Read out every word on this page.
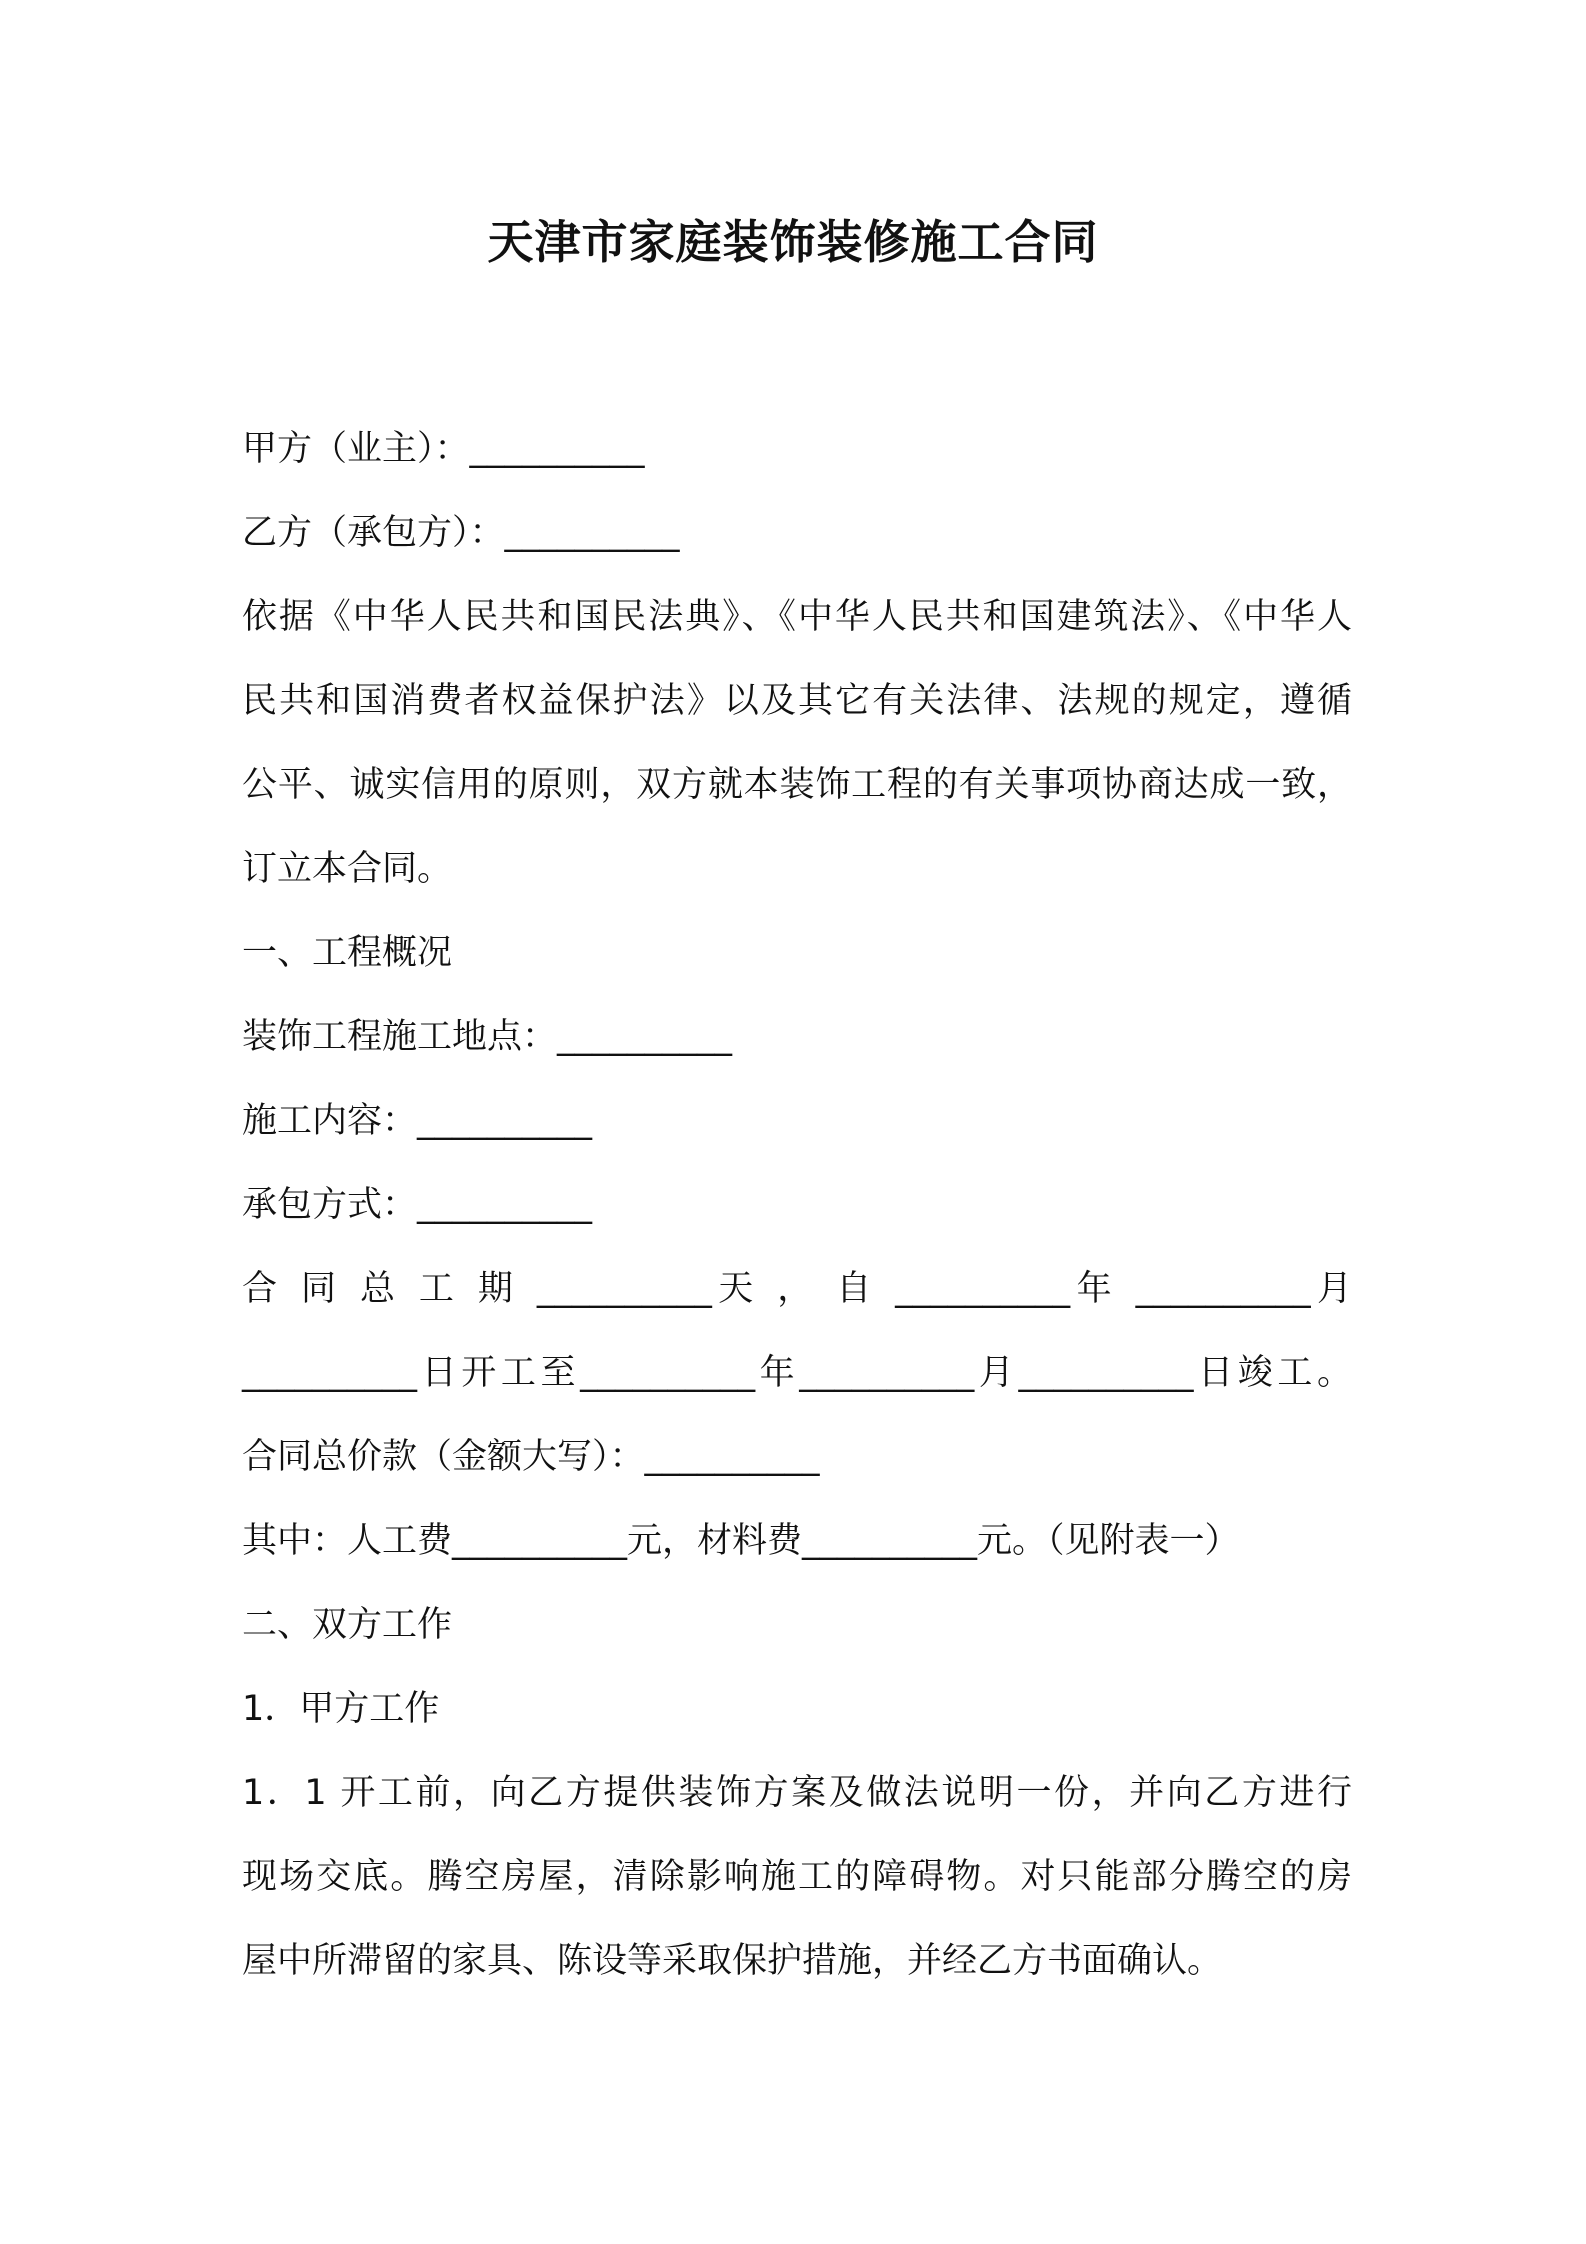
天津市家庭装饰装修施工合同
甲方（业主）：__________
乙方（承包方）：__________
依据《中华人民共和国民法典》、《中华人民共和国建筑法》、《中华人
民共和国消费者权益保护法》以及其它有关法律、法规的规定，遵循
公平、诚实信用的原则，双方就本装饰工程的有关事项协商达成一致，
订立本合同。
一、工程概况
装饰工程施工地点：__________
施工内容：__________
承包方式：__________
合 同 总 工 期 __________天 ， 自 __________年 __________月
__________日开工至__________年__________月__________日竣工。
合同总价款（金额大写）：__________
其中：人工费__________元，材料费__________元。（见附表一）
二、双方工作
1．甲方工作
1．1 开工前，向乙方提供装饰方案及做法说明一份，并向乙方进行
现场交底。腾空房屋，清除影响施工的障碍物。对只能部分腾空的房
屋中所滞留的家具、陈设等采取保护措施，并经乙方书面确认。
